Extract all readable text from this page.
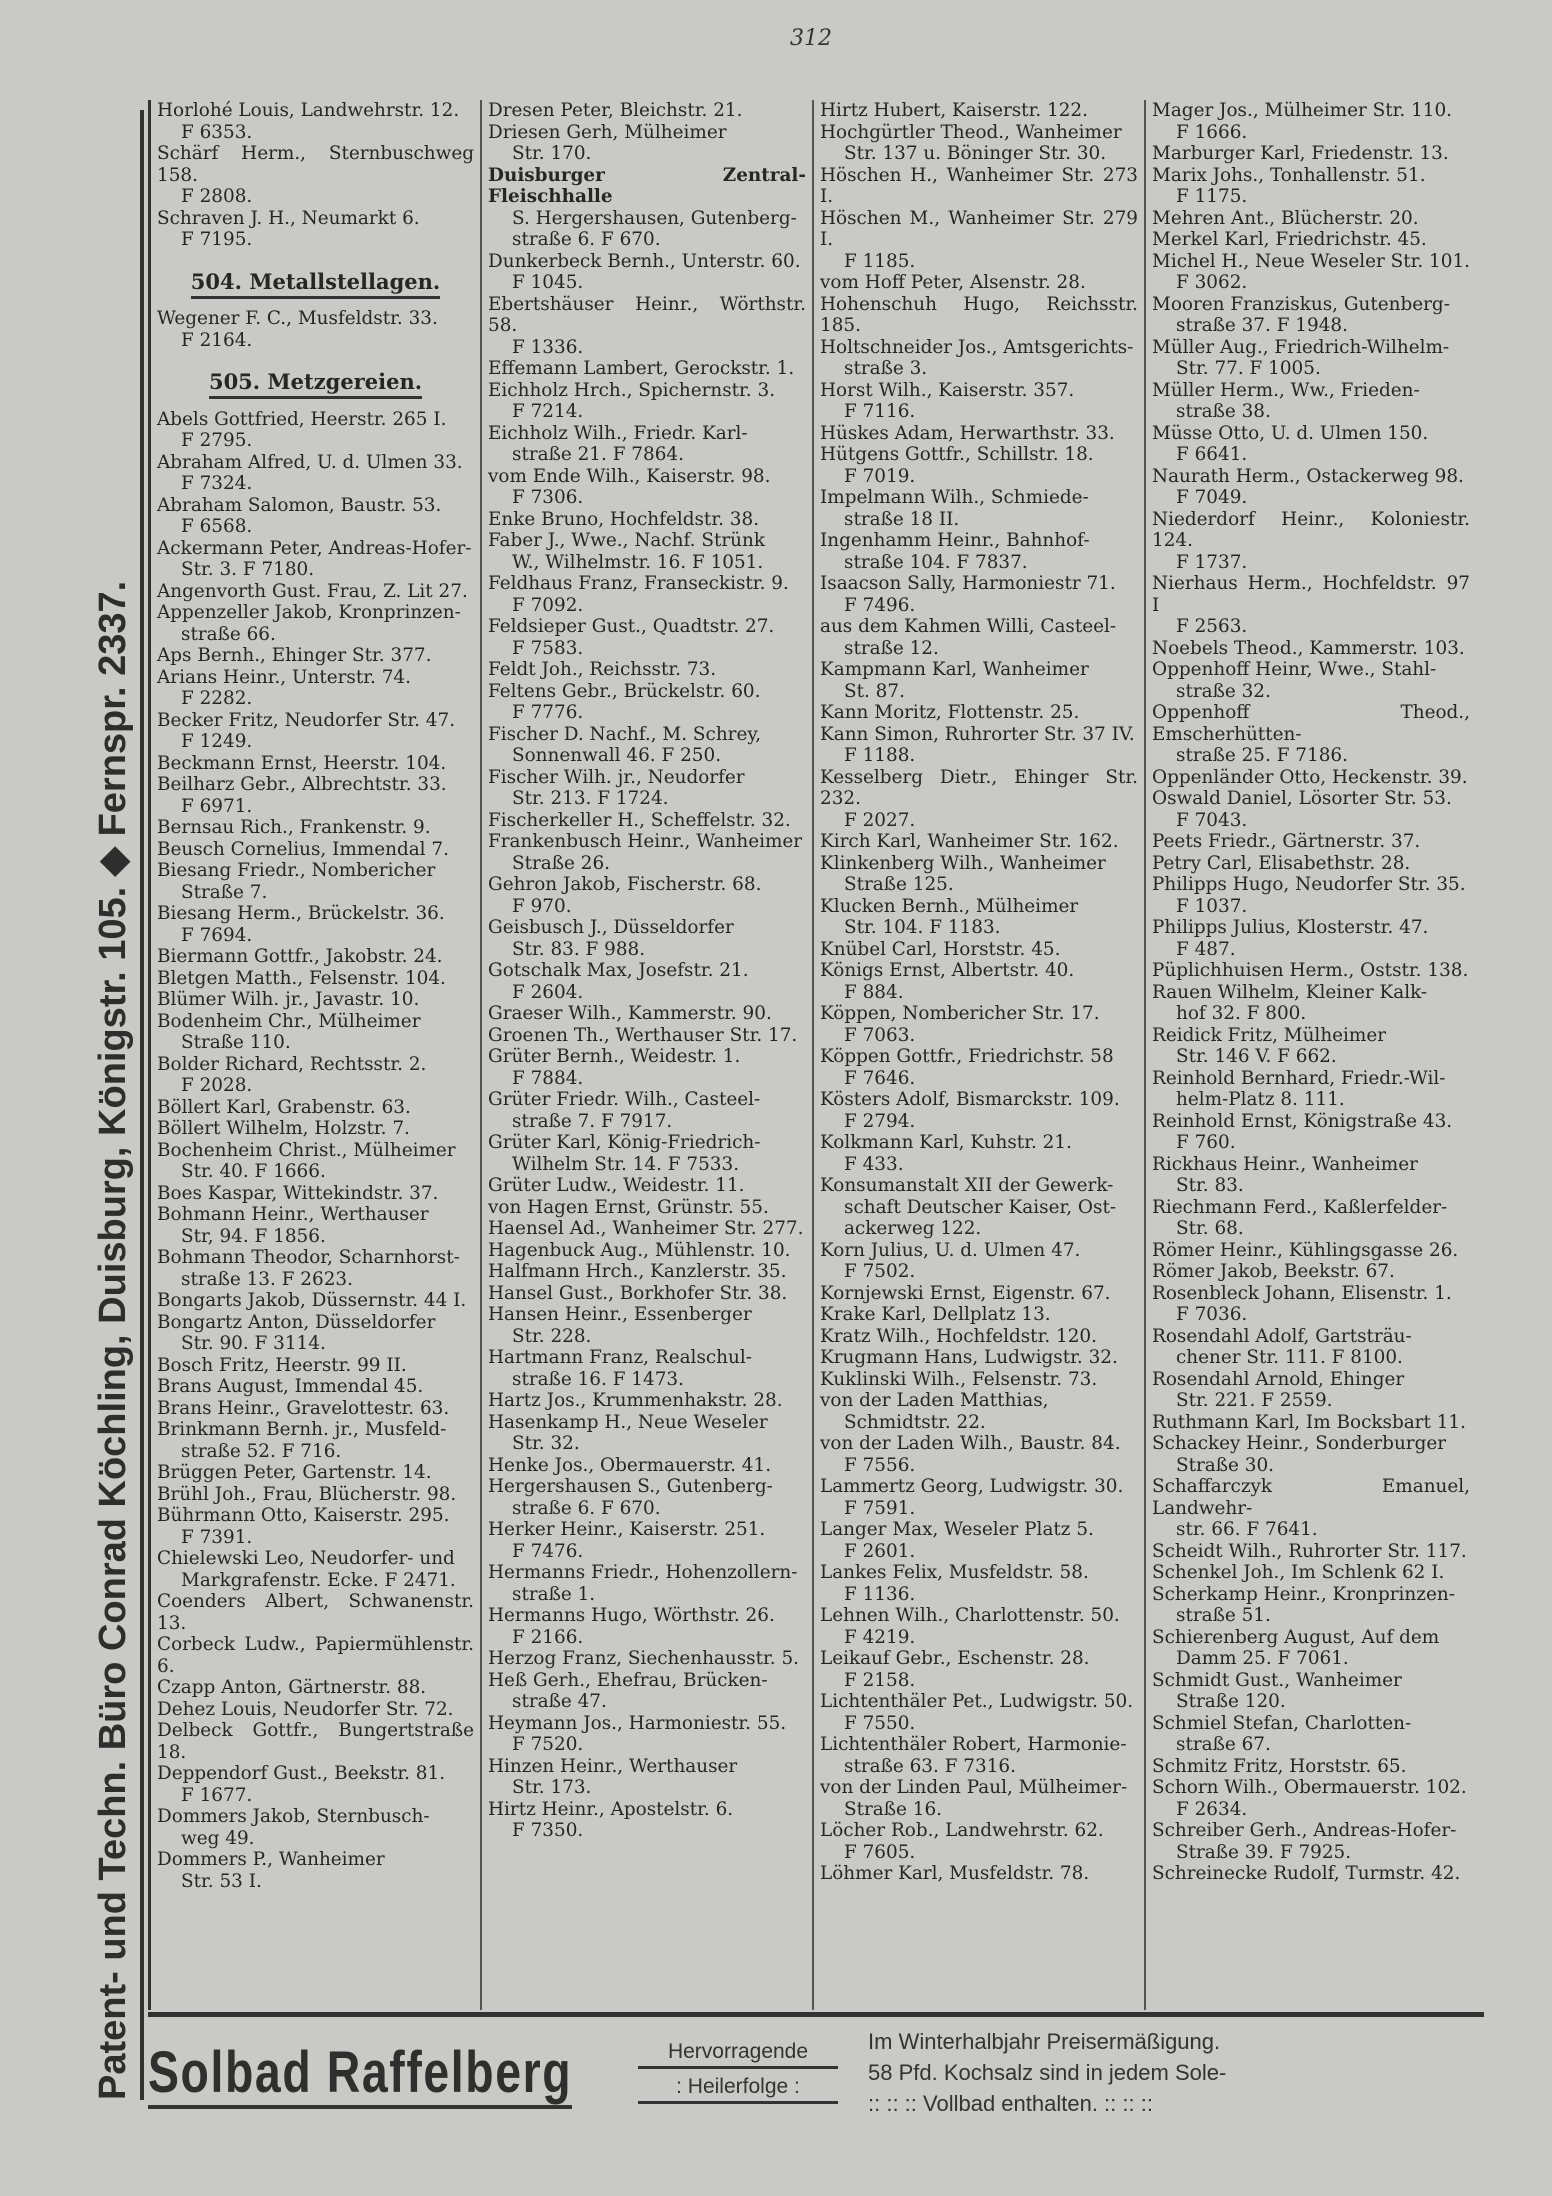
312
Patent- und Techn. Büro Conrad Köchling, Duisburg, Königstr. 105. ◆ Fernspr. 2337.
Horlohé Louis, Landwehrstr. 12.
F 6353.
Schärf Herm., Sternbuschweg 158.
F 2808.
Schraven J. H., Neumarkt 6.
F 7195.
504. Metallstellagen.
Wegener F. C., Musfeldstr. 33.
F 2164.
505. Metzgereien.
Abels Gottfried, Heerstr. 265 I.
F 2795.
Abraham Alfred, U. d. Ulmen 33.
F 7324.
Abraham Salomon, Baustr. 53.
F 6568.
Ackermann Peter, Andreas-Hofer-
Str. 3. F 7180.
Angenvorth Gust. Frau, Z. Lit 27.
Appenzeller Jakob, Kronprinzen-
straße 66.
Aps Bernh., Ehinger Str. 377.
Arians Heinr., Unterstr. 74.
F 2282.
Becker Fritz, Neudorfer Str. 47.
F 1249.
Beckmann Ernst, Heerstr. 104.
Beilharz Gebr., Albrechtstr. 33.
F 6971.
Bernsau Rich., Frankenstr. 9.
Beusch Cornelius, Immendal 7.
Biesang Friedr., Nombericher
Straße 7.
Biesang Herm., Brückelstr. 36.
F 7694.
Biermann Gottfr., Jakobstr. 24.
Bletgen Matth., Felsenstr. 104.
Blümer Wilh. jr., Javastr. 10.
Bodenheim Chr., Mülheimer
Straße 110.
Bolder Richard, Rechtsstr. 2.
F 2028.
Böllert Karl, Grabenstr. 63.
Böllert Wilhelm, Holzstr. 7.
Bochenheim Christ., Mülheimer
Str. 40. F 1666.
Boes Kaspar, Wittekindstr. 37.
Bohmann Heinr., Werthauser
Str, 94. F 1856.
Bohmann Theodor, Scharnhorst-
straße 13. F 2623.
Bongarts Jakob, Düssernstr. 44 I.
Bongartz Anton, Düsseldorfer
Str. 90. F 3114.
Bosch Fritz, Heerstr. 99 II.
Brans August, Immendal 45.
Brans Heinr., Gravelottestr. 63.
Brinkmann Bernh. jr., Musfeld-
straße 52. F 716.
Brüggen Peter, Gartenstr. 14.
Brühl Joh., Frau, Blücherstr. 98.
Bührmann Otto, Kaiserstr. 295.
F 7391.
Chielewski Leo, Neudorfer- und
Markgrafenstr. Ecke. F 2471.
Coenders Albert, Schwanenstr. 13.
Corbeck Ludw., Papiermühlenstr. 6.
Czapp Anton, Gärtnerstr. 88.
Dehez Louis, Neudorfer Str. 72.
Delbeck Gottfr., Bungertstraße 18.
Deppendorf Gust., Beekstr. 81.
F 1677.
Dommers Jakob, Sternbusch-
weg 49.
Dommers P., Wanheimer
Str. 53 I.
Dresen Peter, Bleichstr. 21.
Driesen Gerh, Mülheimer
Str. 170.
Duisburger Zentral-Fleischhalle
S. Hergershausen, Gutenberg-
straße 6. F 670.
Dunkerbeck Bernh., Unterstr. 60.
F 1045.
Ebertshäuser Heinr., Wörthstr. 58.
F 1336.
Effemann Lambert, Gerockstr. 1.
Eichholz Hrch., Spichernstr. 3.
F 7214.
Eichholz Wilh., Friedr. Karl-
straße 21. F 7864.
vom Ende Wilh., Kaiserstr. 98.
F 7306.
Enke Bruno, Hochfeldstr. 38.
Faber J., Wwe., Nachf. Strünk
W., Wilhelmstr. 16. F 1051.
Feldhaus Franz, Franseckistr. 9.
F 7092.
Feldsieper Gust., Quadtstr. 27.
F 7583.
Feldt Joh., Reichsstr. 73.
Feltens Gebr., Brückelstr. 60.
F 7776.
Fischer D. Nachf., M. Schrey,
Sonnenwall 46. F 250.
Fischer Wilh. jr., Neudorfer
Str. 213. F 1724.
Fischerkeller H., Scheffelstr. 32.
Frankenbusch Heinr., Wanheimer
Straße 26.
Gehron Jakob, Fischerstr. 68.
F 970.
Geisbusch J., Düsseldorfer
Str. 83. F 988.
Gotschalk Max, Josefstr. 21.
F 2604.
Graeser Wilh., Kammerstr. 90.
Groenen Th., Werthauser Str. 17.
Grüter Bernh., Weidestr. 1.
F 7884.
Grüter Friedr. Wilh., Casteel-
straße 7. F 7917.
Grüter Karl, König-Friedrich-
Wilhelm Str. 14. F 7533.
Grüter Ludw., Weidestr. 11.
von Hagen Ernst, Grünstr. 55.
Haensel Ad., Wanheimer Str. 277.
Hagenbuck Aug., Mühlenstr. 10.
Halfmann Hrch., Kanzlerstr. 35.
Hansel Gust., Borkhofer Str. 38.
Hansen Heinr., Essenberger
Str. 228.
Hartmann Franz, Realschul-
straße 16. F 1473.
Hartz Jos., Krummenhakstr. 28.
Hasenkamp H., Neue Weseler
Str. 32.
Henke Jos., Obermauerstr. 41.
Hergershausen S., Gutenberg-
straße 6. F 670.
Herker Heinr., Kaiserstr. 251.
F 7476.
Hermanns Friedr., Hohenzollern-
straße 1.
Hermanns Hugo, Wörthstr. 26.
F 2166.
Herzog Franz, Siechenhausstr. 5.
Heß Gerh., Ehefrau, Brücken-
straße 47.
Heymann Jos., Harmoniestr. 55.
F 7520.
Hinzen Heinr., Werthauser
Str. 173.
Hirtz Heinr., Apostelstr. 6.
F 7350.
Hirtz Hubert, Kaiserstr. 122.
Hochgürtler Theod., Wanheimer
Str. 137 u. Böninger Str. 30.
Höschen H., Wanheimer Str. 273 I.
Höschen M., Wanheimer Str. 279 I.
F 1185.
vom Hoff Peter, Alsenstr. 28.
Hohenschuh Hugo, Reichsstr. 185.
Holtschneider Jos., Amtsgerichts-
straße 3.
Horst Wilh., Kaiserstr. 357.
F 7116.
Hüskes Adam, Herwarthstr. 33.
Hütgens Gottfr., Schillstr. 18.
F 7019.
Impelmann Wilh., Schmiede-
straße 18 II.
Ingenhamm Heinr., Bahnhof-
straße 104. F 7837.
Isaacson Sally, Harmoniestr 71.
F 7496.
aus dem Kahmen Willi, Casteel-
straße 12.
Kampmann Karl, Wanheimer
St. 87.
Kann Moritz, Flottenstr. 25.
Kann Simon, Ruhrorter Str. 37 IV.
F 1188.
Kesselberg Dietr., Ehinger Str. 232.
F 2027.
Kirch Karl, Wanheimer Str. 162.
Klinkenberg Wilh., Wanheimer
Straße 125.
Klucken Bernh., Mülheimer
Str. 104. F 1183.
Knübel Carl, Horststr. 45.
Königs Ernst, Albertstr. 40.
F 884.
Köppen, Nombericher Str. 17.
F 7063.
Köppen Gottfr., Friedrichstr. 58
F 7646.
Kösters Adolf, Bismarckstr. 109.
F 2794.
Kolkmann Karl, Kuhstr. 21.
F 433.
Konsumanstalt XII der Gewerk-
schaft Deutscher Kaiser, Ost-
ackerweg 122.
Korn Julius, U. d. Ulmen 47.
F 7502.
Kornjewski Ernst, Eigenstr. 67.
Krake Karl, Dellplatz 13.
Kratz Wilh., Hochfeldstr. 120.
Krugmann Hans, Ludwigstr. 32.
Kuklinski Wilh., Felsenstr. 73.
von der Laden Matthias,
Schmidtstr. 22.
von der Laden Wilh., Baustr. 84.
F 7556.
Lammertz Georg, Ludwigstr. 30.
F 7591.
Langer Max, Weseler Platz 5.
F 2601.
Lankes Felix, Musfeldstr. 58.
F 1136.
Lehnen Wilh., Charlottenstr. 50.
F 4219.
Leikauf Gebr., Eschenstr. 28.
F 2158.
Lichtenthäler Pet., Ludwigstr. 50.
F 7550.
Lichtenthäler Robert, Harmonie-
straße 63. F 7316.
von der Linden Paul, Mülheimer-
Straße 16.
Löcher Rob., Landwehrstr. 62.
F 7605.
Löhmer Karl, Musfeldstr. 78.
Mager Jos., Mülheimer Str. 110.
F 1666.
Marburger Karl, Friedenstr. 13.
Marix Johs., Tonhallenstr. 51.
F 1175.
Mehren Ant., Blücherstr. 20.
Merkel Karl, Friedrichstr. 45.
Michel H., Neue Weseler Str. 101.
F 3062.
Mooren Franziskus, Gutenberg-
straße 37. F 1948.
Müller Aug., Friedrich-Wilhelm-
Str. 77. F 1005.
Müller Herm., Ww., Frieden-
straße 38.
Müsse Otto, U. d. Ulmen 150.
F 6641.
Naurath Herm., Ostackerweg 98.
F 7049.
Niederdorf Heinr., Koloniestr. 124.
F 1737.
Nierhaus Herm., Hochfeldstr. 97 I
F 2563.
Noebels Theod., Kammerstr. 103.
Oppenhoff Heinr, Wwe., Stahl-
straße 32.
Oppenhoff Theod., Emscherhütten-
straße 25. F 7186.
Oppenländer Otto, Heckenstr. 39.
Oswald Daniel, Lösorter Str. 53.
F 7043.
Peets Friedr., Gärtnerstr. 37.
Petry Carl, Elisabethstr. 28.
Philipps Hugo, Neudorfer Str. 35.
F 1037.
Philipps Julius, Klosterstr. 47.
F 487.
Püplichhuisen Herm., Oststr. 138.
Rauen Wilhelm, Kleiner Kalk-
hof 32. F 800.
Reidick Fritz, Mülheimer
Str. 146 V. F 662.
Reinhold Bernhard, Friedr.-Wil-
helm-Platz 8. 111.
Reinhold Ernst, Königstraße 43.
F 760.
Rickhaus Heinr., Wanheimer
Str. 83.
Riechmann Ferd., Kaßlerfelder-
Str. 68.
Römer Heinr., Kühlingsgasse 26.
Römer Jakob, Beekstr. 67.
Rosenbleck Johann, Elisenstr. 1.
F 7036.
Rosendahl Adolf, Gartsträu-
chener Str. 111. F 8100.
Rosendahl Arnold, Ehinger
Str. 221. F 2559.
Ruthmann Karl, Im Bocksbart 11.
Schackey Heinr., Sonderburger
Straße 30.
Schaffarczyk Emanuel, Landwehr-
str. 66. F 7641.
Scheidt Wilh., Ruhrorter Str. 117.
Schenkel Joh., Im Schlenk 62 I.
Scherkamp Heinr., Kronprinzen-
straße 51.
Schierenberg August, Auf dem
Damm 25. F 7061.
Schmidt Gust., Wanheimer
Straße 120.
Schmiel Stefan, Charlotten-
straße 67.
Schmitz Fritz, Horststr. 65.
Schorn Wilh., Obermauerstr. 102.
F 2634.
Schreiber Gerh., Andreas-Hofer-
Straße 39. F 7925.
Schreinecke Rudolf, Turmstr. 42.
Solbad Raffelberg	Hervorragende
: Heilerfolge :
Im Winterhalbjahr Preisermäßigung.
58 Pfd. Kochsalz sind in jedem Sole-
:: :: :: Vollbad enthalten. :: :: ::
